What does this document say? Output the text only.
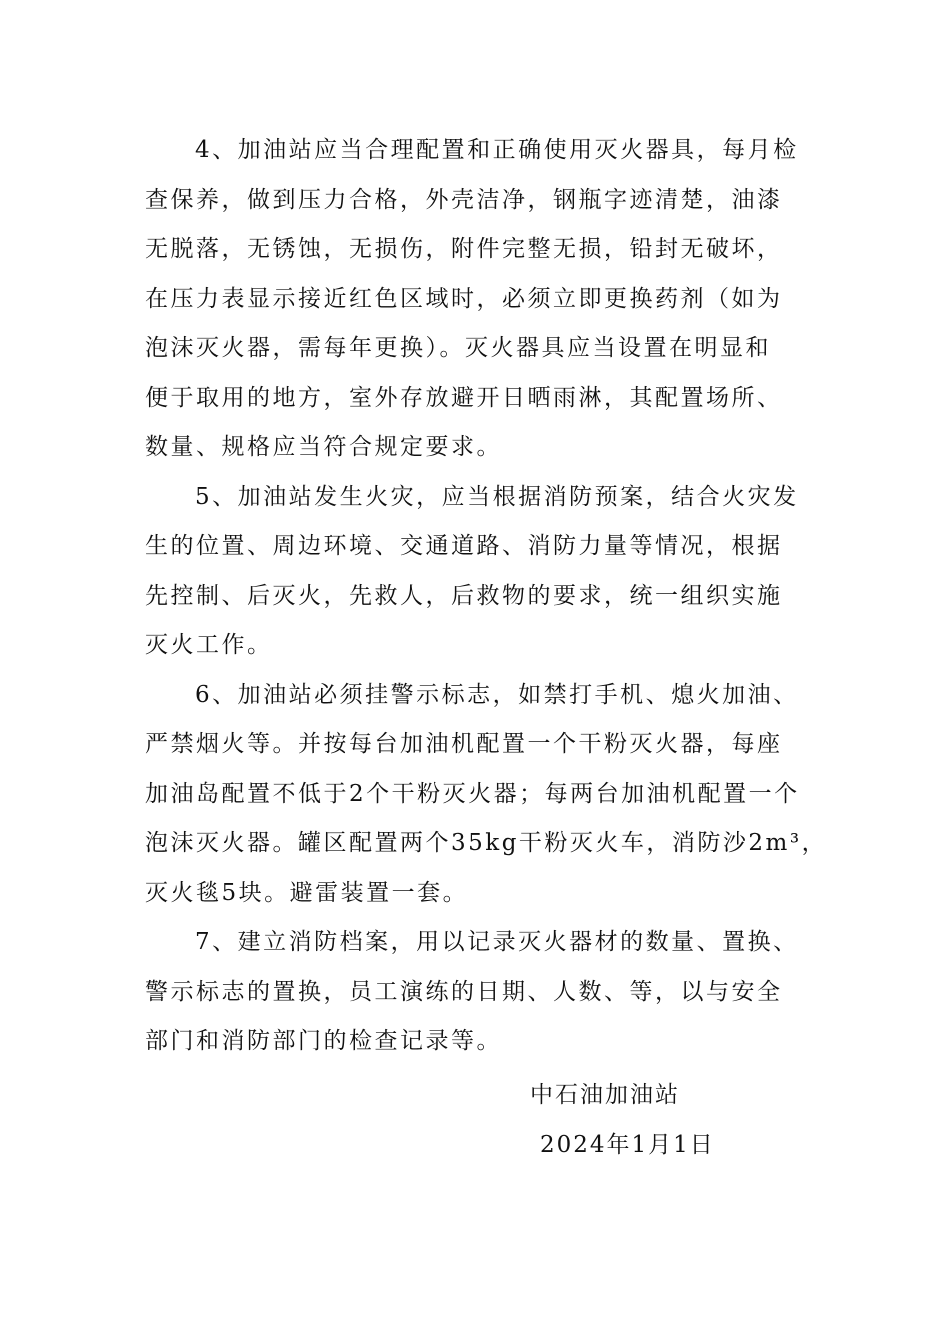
4、加油站应当合理配置和正确使用灭火器具，每月检
查保养，做到压力合格，外壳洁净，钢瓶字迹清楚，油漆
无脱落，无锈蚀，无损伤，附件完整无损，铅封无破坏，
在压力表显示接近红色区域时，必须立即更换药剂（如为
泡沫灭火器，需每年更换）。灭火器具应当设置在明显和
便于取用的地方，室外存放避开日晒雨淋，其配置场所、
数量、规格应当符合规定要求。
5、加油站发生火灾，应当根据消防预案，结合火灾发
生的位置、周边环境、交通道路、消防力量等情况，根据
先控制、后灭火，先救人，后救物的要求，统一组织实施
灭火工作。
6、加油站必须挂警示标志，如禁打手机、熄火加油、
严禁烟火等。并按每台加油机配置一个干粉灭火器，每座
加油岛配置不低于2个干粉灭火器；每两台加油机配置一个
泡沫灭火器。罐区配置两个35kg干粉灭火车，消防沙2m³，
灭火毯5块。避雷装置一套。
7、建立消防档案，用以记录灭火器材的数量、置换、
警示标志的置换，员工演练的日期、人数、等，以与安全
部门和消防部门的检查记录等。
中石油加油站
2024年1月1日
